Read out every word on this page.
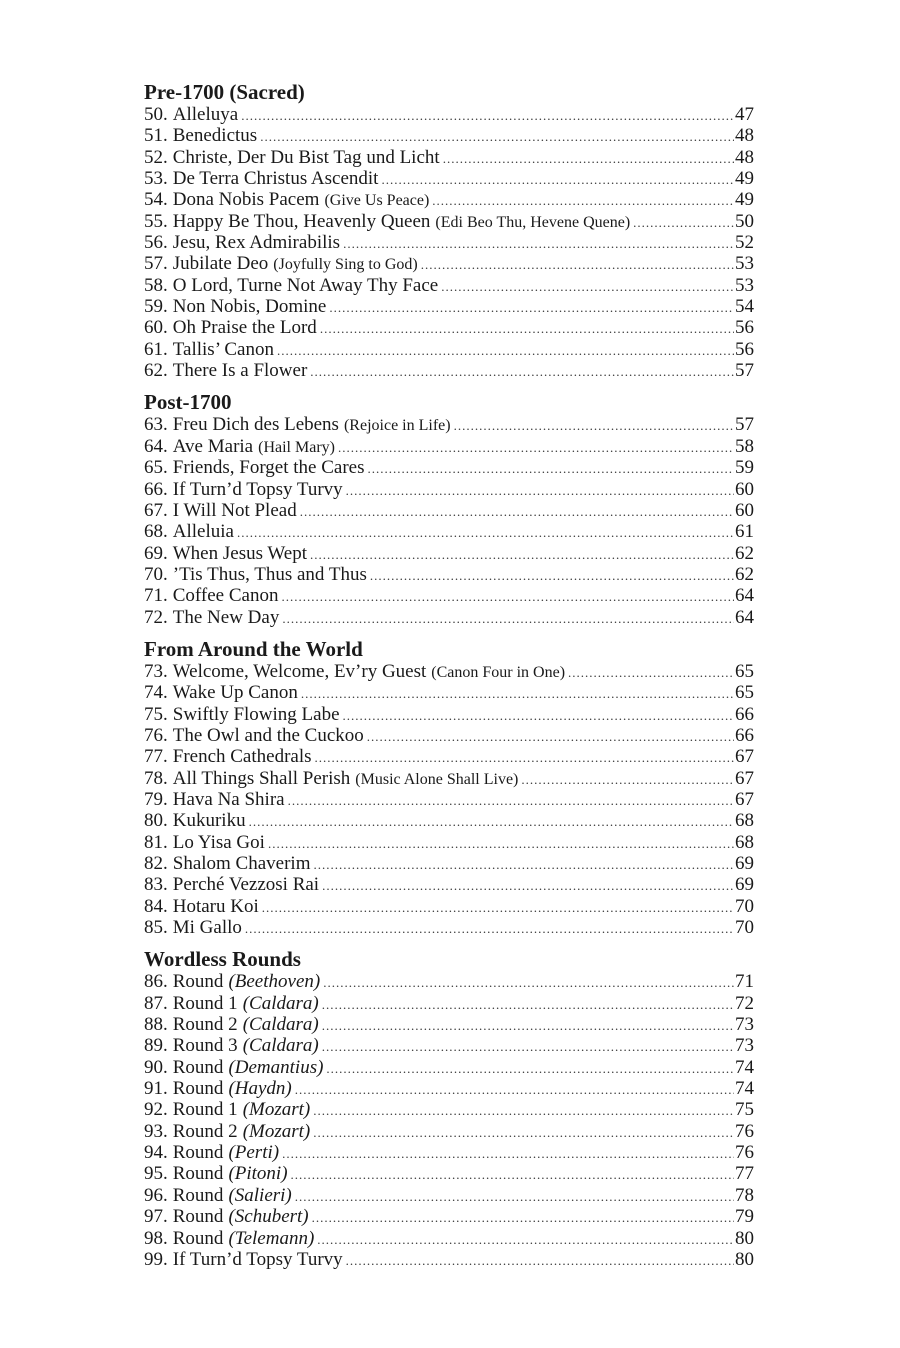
Pre-1700 (Sacred)
50. Alleluya .....	47
51. Benedictus .....	48
52. Christe, Der Du Bist Tag und Licht .....	48
53. De Terra Christus Ascendit .....	49
54. Dona Nobis Pacem (Give Us Peace) .....	49
55. Happy Be Thou, Heavenly Queen (Edi Beo Thu, Hevene Quene) .....	50
56. Jesu, Rex Admirabilis .....	52
57. Jubilate Deo (Joyfully Sing to God) .....	53
58. O Lord, Turne Not Away Thy Face .....	53
59. Non Nobis, Domine .....	54
60. Oh Praise the Lord .....	56
61. Tallis’ Canon .....	56
62. There Is a Flower .....	57
Post-1700
63. Freu Dich des Lebens (Rejoice in Life) .....	57
64. Ave Maria (Hail Mary) .....	58
65. Friends, Forget the Cares .....	59
66. If Turn’d Topsy Turvy .....	60
67. I Will Not Plead .....	60
68. Alleluia .....	61
69. When Jesus Wept .....	62
70. ’Tis Thus, Thus and Thus .....	62
71. Coffee Canon .....	64
72. The New Day .....	64
From Around the World
73. Welcome, Welcome, Ev’ry Guest (Canon Four in One) .....	65
74. Wake Up Canon .....	65
75. Swiftly Flowing Labe .....	66
76. The Owl and the Cuckoo .....	66
77. French Cathedrals .....	67
78. All Things Shall Perish (Music Alone Shall Live) .....	67
79. Hava Na Shira .....	67
80. Kukuriku .....	68
81. Lo Yisa Goi .....	68
82. Shalom Chaverim .....	69
83. Perché Vezzosi Rai .....	69
84. Hotaru Koi .....	70
85. Mi Gallo .....	70
Wordless Rounds
86. Round (Beethoven) .....	71
87. Round 1 (Caldara) .....	72
88. Round 2 (Caldara) .....	73
89. Round 3 (Caldara) .....	73
90. Round (Demantius) .....	74
91. Round (Haydn) .....	74
92. Round 1 (Mozart) .....	75
93. Round 2 (Mozart) .....	76
94. Round (Perti) .....	76
95. Round (Pitoni) .....	77
96. Round (Salieri) .....	78
97. Round (Schubert) .....	79
98. Round (Telemann) .....	80
99. If Turn’d Topsy Turvy .....	80
